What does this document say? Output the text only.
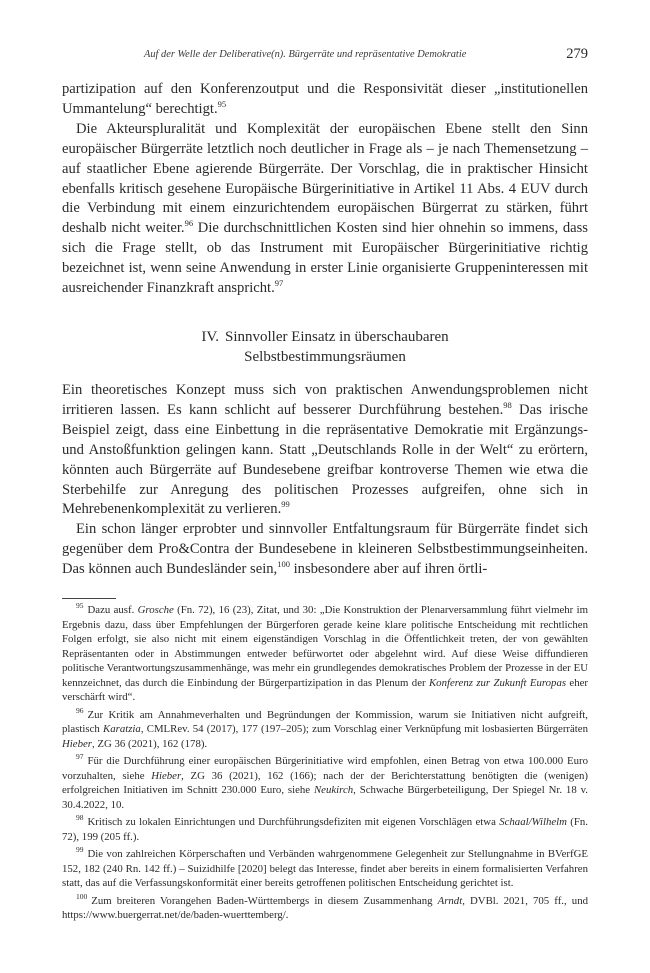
Auf der Welle der Deliberative(n). Bürgerräte und repräsentative Demokratie	279

partizipation auf den Konferenzoutput und die Responsivität dieser „institutionellen Ummantelung“ berechtigt.$^{95}$

Die Akteurspluralität und Komplexität der europäischen Ebene stellt den Sinn europäischer Bürgerräte letztlich noch deutlicher in Frage als – je nach Themensetzung – auf staatlicher Ebene agierende Bürgerräte. Der Vorschlag, die in praktischer Hinsicht ebenfalls kritisch gesehene Europäische Bürgerinitiative in Artikel 11 Abs. 4 EUV durch die Verbindung mit einem einzurichtendem europäischen Bürgerrat zu stärken, führt deshalb nicht weiter.$^{96}$ Die durchschnittlichen Kosten sind hier ohnehin so immens, dass sich die Frage stellt, ob das Instrument mit Europäischer Bürgerinitiative richtig bezeichnet ist, wenn seine Anwendung in erster Linie organisierte Gruppeninteressen mit ausreichender Finanzkraft anspricht.$^{97}$

IV. Sinnvoller Einsatz in überschaubaren
Selbstbestimmungsräumen

Ein theoretisches Konzept muss sich von praktischen Anwendungsproblemen nicht irritieren lassen. Es kann schlicht auf besserer Durchführung bestehen.$^{98}$ Das irische Beispiel zeigt, dass eine Einbettung in die repräsentative Demokratie mit Ergänzungs- und Anstoßfunktion gelingen kann. Statt „Deutschlands Rolle in der Welt“ zu erörtern, könnten auch Bürgerräte auf Bundesebene greifbar kontroverse Themen wie etwa die Sterbehilfe zur Anregung des politischen Prozesses aufgreifen, ohne sich in Mehrebenenkomplexität zu verlieren.$^{99}$

Ein schon länger erprobter und sinnvoller Entfaltungsraum für Bürgerräte findet sich gegenüber dem Pro&Contra der Bundesebene in kleineren Selbstbestimmungseinheiten. Das können auch Bundesländer sein,$^{100}$ insbesondere aber auf ihren örtli-

$^{95}$ Dazu ausf. Grosche (Fn. 72), 16 (23), Zitat, und 30: „Die Konstruktion der Plenarversammlung führt vielmehr im Ergebnis dazu, dass über Empfehlungen der Bürgerforen gerade keine klare politische Entscheidung mit rechtlichen Folgen erfolgt, sie also nicht mit einem eigenständigen Vorschlag in die Öffentlichkeit treten, der von gewählten Repräsentanten oder in Abstimmungen entweder befürwortet oder abgelehnt wird. Auf diese Weise diffundieren politische Verantwortungszusammenhänge, was mehr ein grundlegendes demokratisches Problem der Prozesse in der EU kennzeichnet, das durch die Einbindung der Bürgerpartizipation in das Plenum der Konferenz zur Zukunft Europas eher verschärft wird“.

$^{96}$ Zur Kritik am Annahmeverhalten und Begründungen der Kommission, warum sie Initiativen nicht aufgreift, plastisch Karatzia, CMLRev. 54 (2017), 177 (197–205); zum Vorschlag einer Verknüpfung mit losbasierten Bürgerräten Hieber, ZG 36 (2021), 162 (178).

$^{97}$ Für die Durchführung einer europäischen Bürgerinitiative wird empfohlen, einen Betrag von etwa 100.000 Euro vorzuhalten, siehe Hieber, ZG 36 (2021), 162 (166); nach der der Berichterstattung benötigten die (wenigen) erfolgreichen Initiativen im Schnitt 230.000 Euro, siehe Neukirch, Schwache Bürgerbeteiligung, Der Spiegel Nr. 18 v. 30.4.2022, 10.

$^{98}$ Kritisch zu lokalen Einrichtungen und Durchführungsdefiziten mit eigenen Vorschlägen etwa Schaal/Wilhelm (Fn. 72), 199 (205 ff.).

$^{99}$ Die von zahlreichen Körperschaften und Verbänden wahrgenommene Gelegenheit zur Stellungnahme in BVerfGE 152, 182 (240 Rn. 142 ff.) – Suizidhilfe [2020] belegt das Interesse, findet aber bereits in einem formalisierten Verfahren statt, das auf die Verfassungskonformität einer bereits getroffenen politischen Entscheidung gerichtet ist.

$^{100}$ Zum breiteren Vorangehen Baden-Württembergs in diesem Zusammenhang Arndt, DVBl. 2021, 705 ff., und https://www.buergerrat.net/de/baden-wuerttemberg/.
